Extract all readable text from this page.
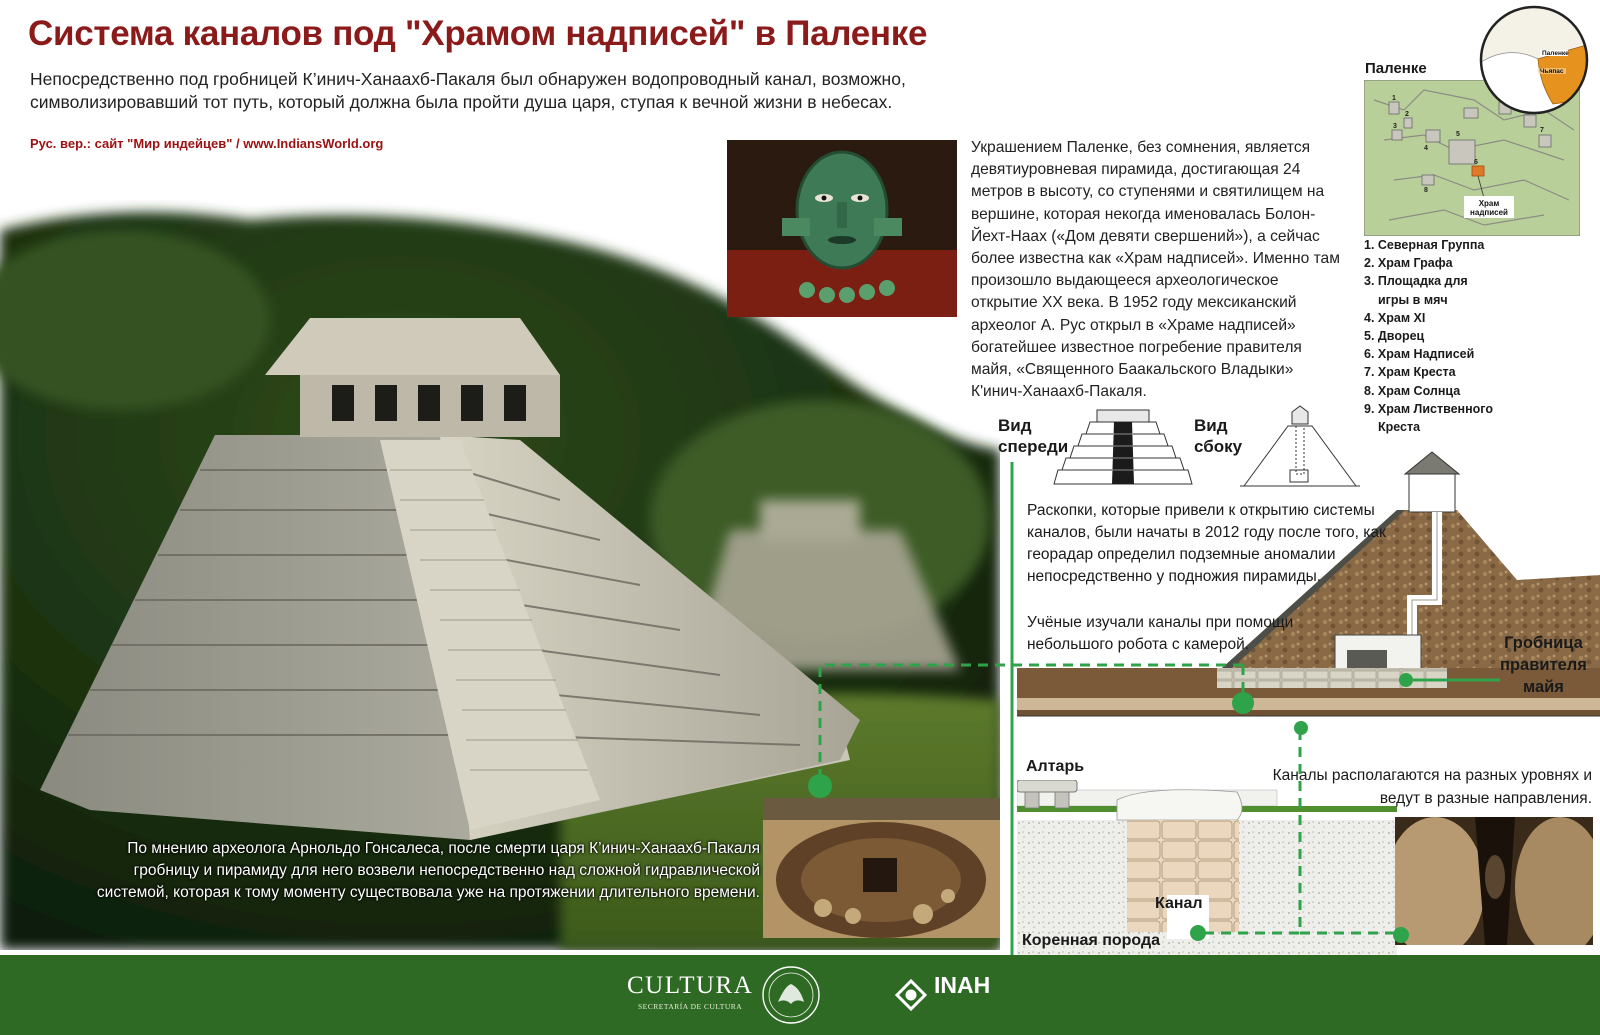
Система каналов под "Храмом надписей" в Паленке
Непосредственно под гробницей К’инич-Ханаахб-Пакаля был обнаружен водопроводный канал, возможно, символизировавший тот путь, который должна была пройти душа царя, ступая к вечной жизни в небесах.
Рус. вер.: сайт "Мир индейцев" / www.IndiansWorld.org	Украшением Паленке, без сомнения, является девятиуровневая пирамида, достигающая 24 метров в высоту, со ступенями и святилищем на вершине, которая некогда именовалась Болон-Йехт-Наах («Дом девяти свершений»), а сейчас более известна как «Храм надписей». Именно там произошло выдающееся археологическое открытие XX века. В 1952 году мексиканский археолог А. Рус открыл в «Храме надписей» богатейшее известное погребение правителя майя, «Священного Баакальского Владыки» К'инич-Ханаахб-Пакаля.
Паленке
1
2
3
4
5
6
7
8
Храм
надписей
Паленке
Чьяпас
1. Северная Группа
2. Храм Графа
3. Площадка для
игры в мяч
4. Храм XI
5. Дворец
6. Храм Надписей
7. Храм Креста
8. Храм Солнца
9. Храм Лиственного
Креста
Вид
спереди
Вид
сбоку
Гробница
правителя
майя
Раскопки, которые привели к открытию системы каналов, были начаты в 2012 году после того, как георадар определил подземные аномалии непосредственно у подножия пирамиды.
Учёные изучали каналы при помощи небольшого робота с камерой.
Алтарь
Каналы располагаются на разных уровнях и ведут в разные направления.
Канал
Коренная порода
По мнению археолога Арнольдо Гонсалеса, после смерти царя К’инич-Ханаахб-Пакаля гробницу и пирамиду для него возвели непосредственно над сложной гидравлической системой, которая к тому моменту существовала уже на протяжении длительного времени.
CULTURA
SECRETARÍA DE CULTURA
INAH
